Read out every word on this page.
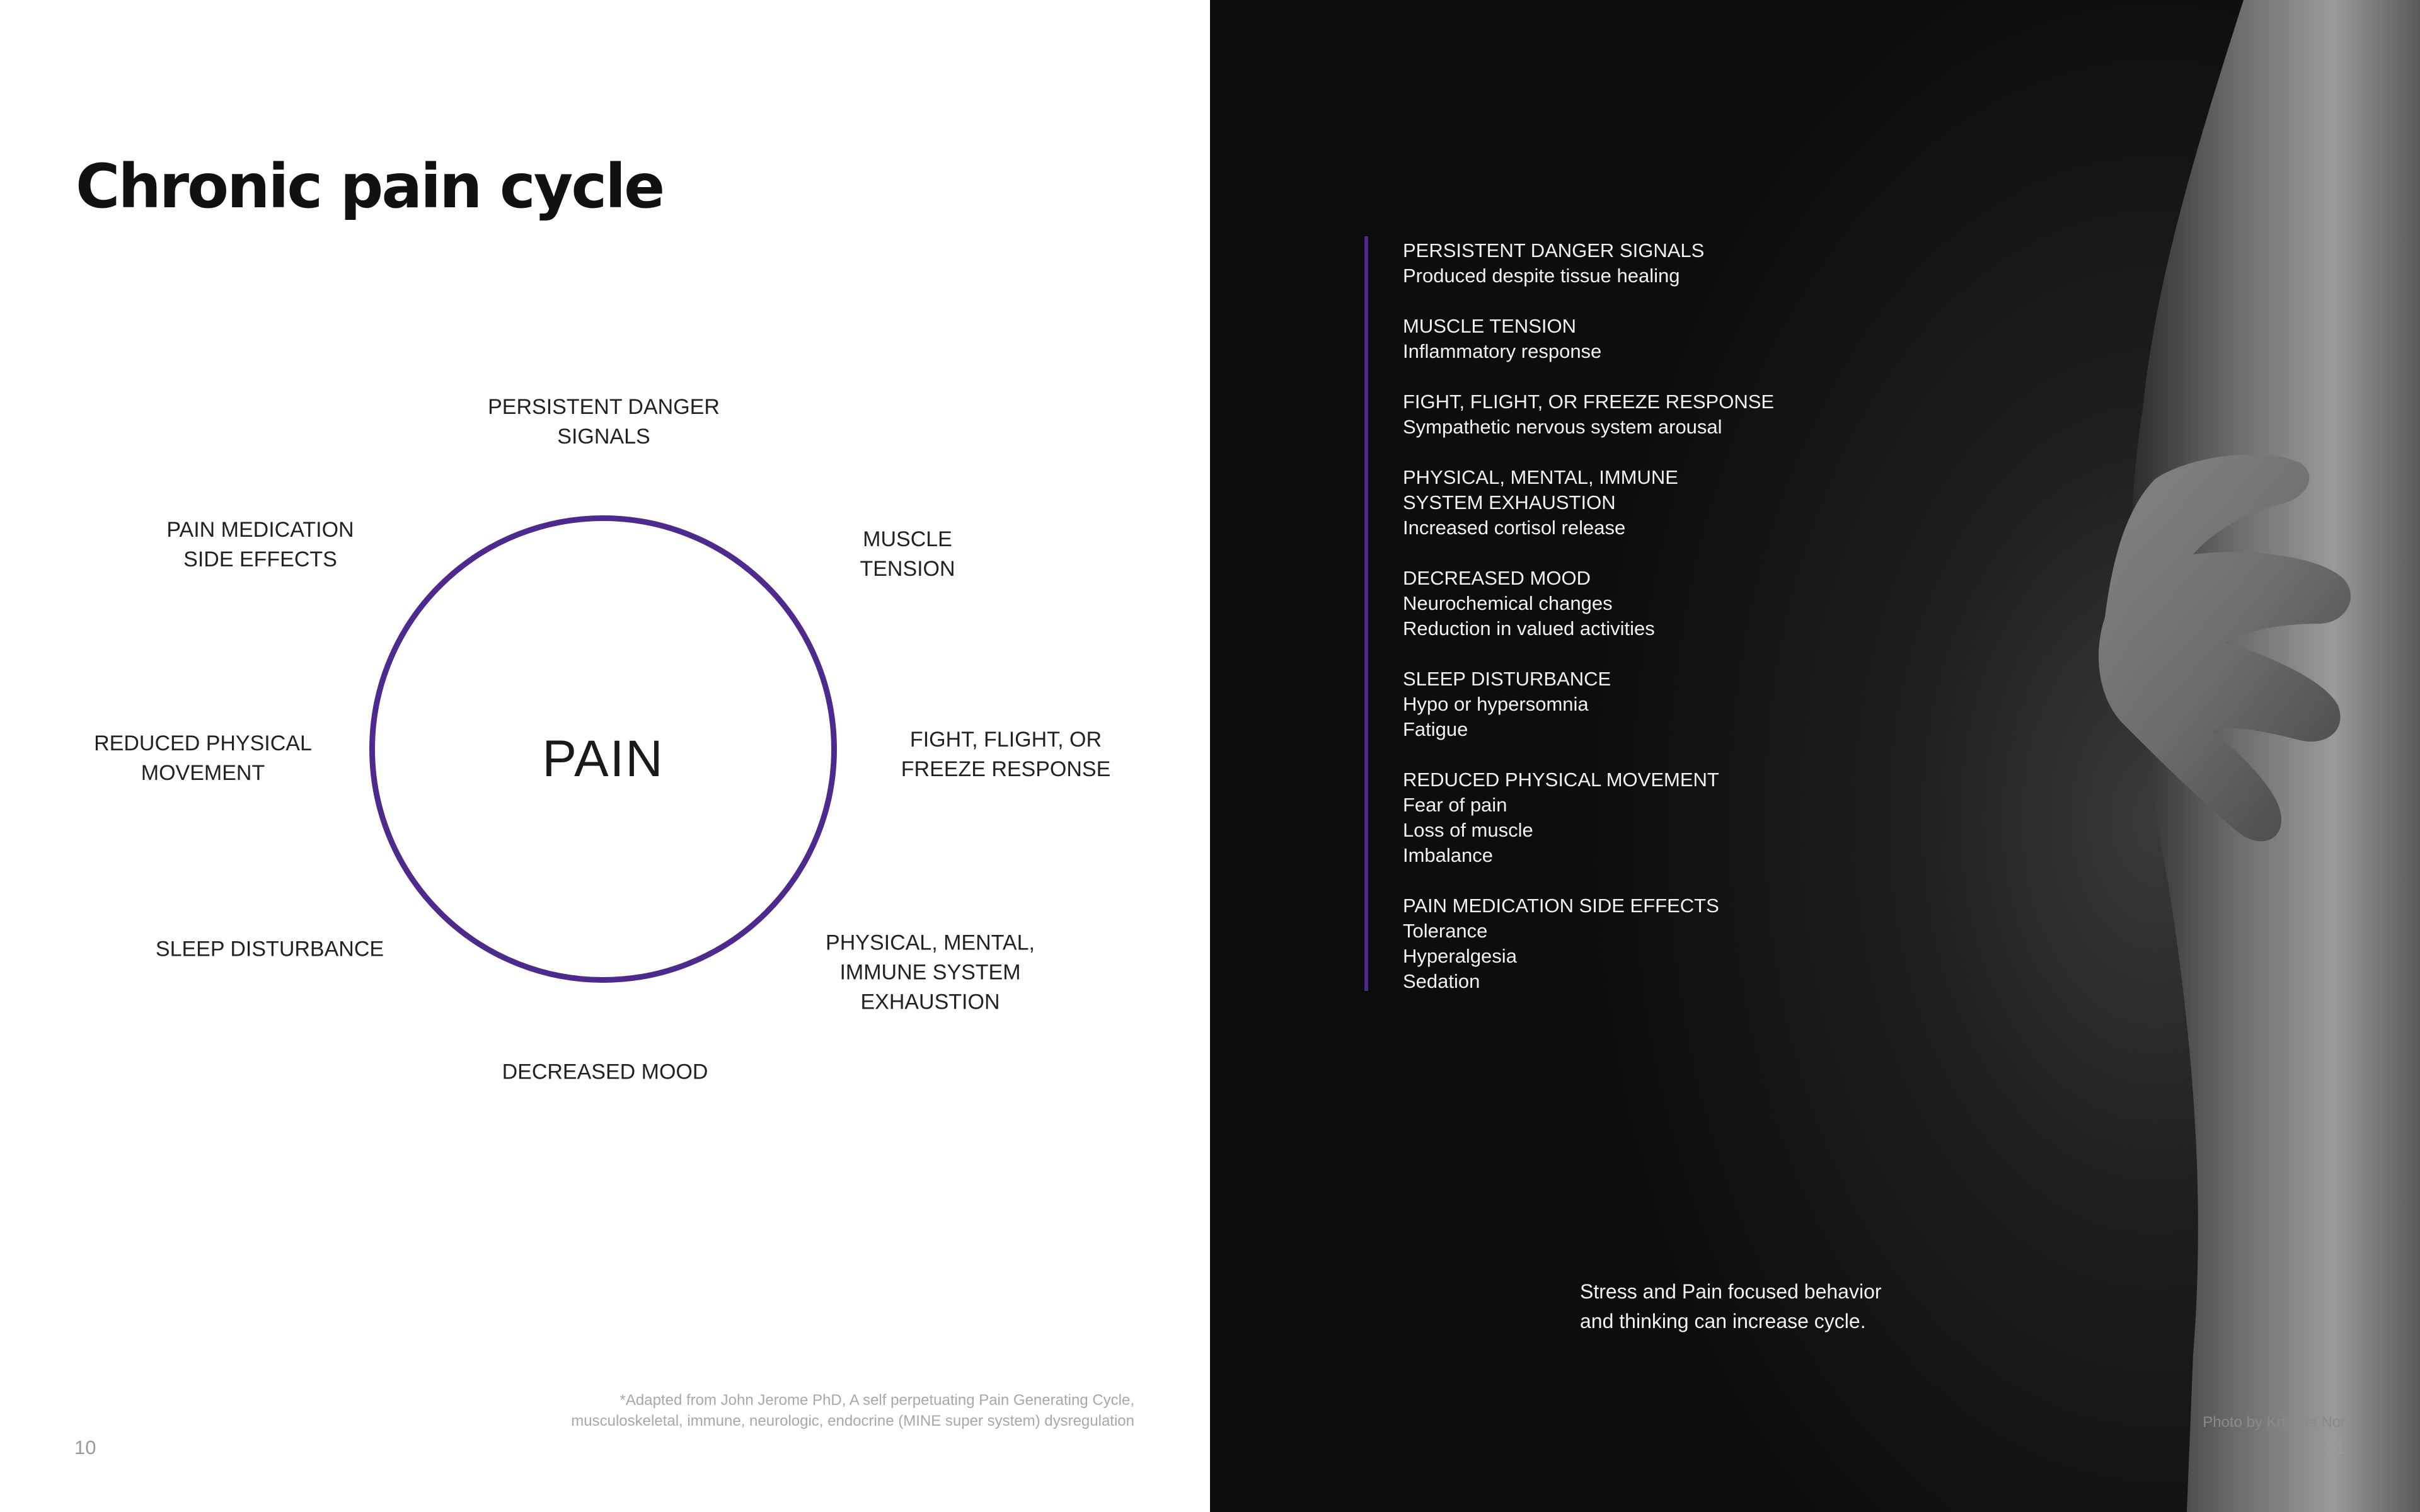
Chronic pain cycle
PAIN
PERSISTENT DANGER
SIGNALS
MUSCLE
TENSION
FIGHT, FLIGHT, OR
FREEZE RESPONSE
PHYSICAL, MENTAL,
IMMUNE SYSTEM
EXHAUSTION
DECREASED MOOD
SLEEP DISTURBANCE
REDUCED PHYSICAL
MOVEMENT
PAIN MEDICATION
SIDE EFFECTS
*Adapted from John Jerome PhD, A self perpetuating Pain Generating Cycle,
musculoskeletal, immune, neurologic, endocrine (MINE super system) dysregulation
10
PERSISTENT DANGER SIGNALS
Produced despite tissue healing
MUSCLE TENSION
Inflammatory response
FIGHT, FLIGHT, OR FREEZE RESPONSE
Sympathetic nervous system arousal
PHYSICAL, MENTAL, IMMUNE
SYSTEM EXHAUSTION
Increased cortisol release
DECREASED MOOD
Neurochemical changes
Reduction in valued activities
SLEEP DISTURBANCE
Hypo or hypersomnia
Fatigue
REDUCED PHYSICAL MOVEMENT
Fear of pain
Loss of muscle
Imbalance
PAIN MEDICATION SIDE EFFECTS
Tolerance
Hyperalgesia
Sedation
Stress and Pain focused behavior
and thinking can increase cycle.
Photo by Kristina Nor
11
